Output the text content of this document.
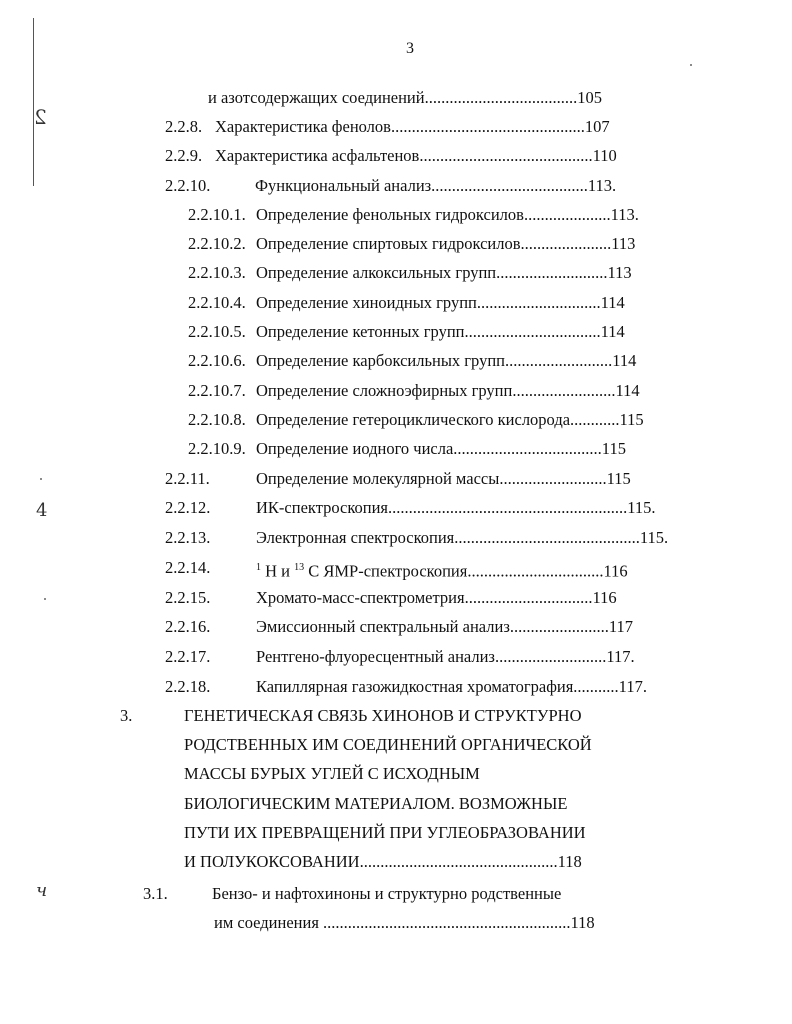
2
4
ч
3
и азотсодержащих соединений.....................................105
2.2.8. Характеристика фенолов...............................................107
2.2.9. Характеристика асфальтенов..........................................110
2.2.10.	Функциональный анализ......................................113.
2.2.10.1. Определение фенольных гидроксилов.....................113.
2.2.10.2. Определение спиртовых гидроксилов......................113
2.2.10.3. Определение алкоксильных групп...........................113
2.2.10.4. Определение хиноидных групп..............................114
2.2.10.5. Определение кетонных групп.................................114
2.2.10.6. Определение карбоксильных групп..........................114
2.2.10.7. Определение сложноэфирных групп.........................114
2.2.10.8. Определение гетероциклического кислорода............115
2.2.10.9. Определение иодного числа....................................115
2.2.11.	Определение молекулярной массы..........................115
2.2.12.	ИК-спектроскопия..........................................................115.
2.2.13.	Электронная спектроскопия.............................................115.
2.2.14.	$^1$ H и $^{13}$ C ЯМР-спектроскопия.................................116
2.2.15.	Хромато-масс-спектрометрия...............................116
2.2.16.	Эмиссионный спектральный анализ........................117
2.2.17.	Рентгено-флуоресцентный анализ...........................117.
2.2.18.	Капиллярная газожидкостная хроматография...........117.
3.	ГЕНЕТИЧЕСКАЯ СВЯЗЬ ХИНОНОВ И СТРУКТУРНО
РОДСТВЕННЫХ ИМ СОЕДИНЕНИЙ ОРГАНИЧЕСКОЙ
МАССЫ БУРЫХ УГЛЕЙ С ИСХОДНЫМ
БИОЛОГИЧЕСКИМ МАТЕРИАЛОМ. ВОЗМОЖНЫЕ
ПУТИ ИХ ПРЕВРАЩЕНИЙ ПРИ УГЛЕОБРАЗОВАНИИ
И ПОЛУКОКСОВАНИИ................................................118
3.1.	Бензо- и нафтохиноны и структурно родственные
им соединения ............................................................118
